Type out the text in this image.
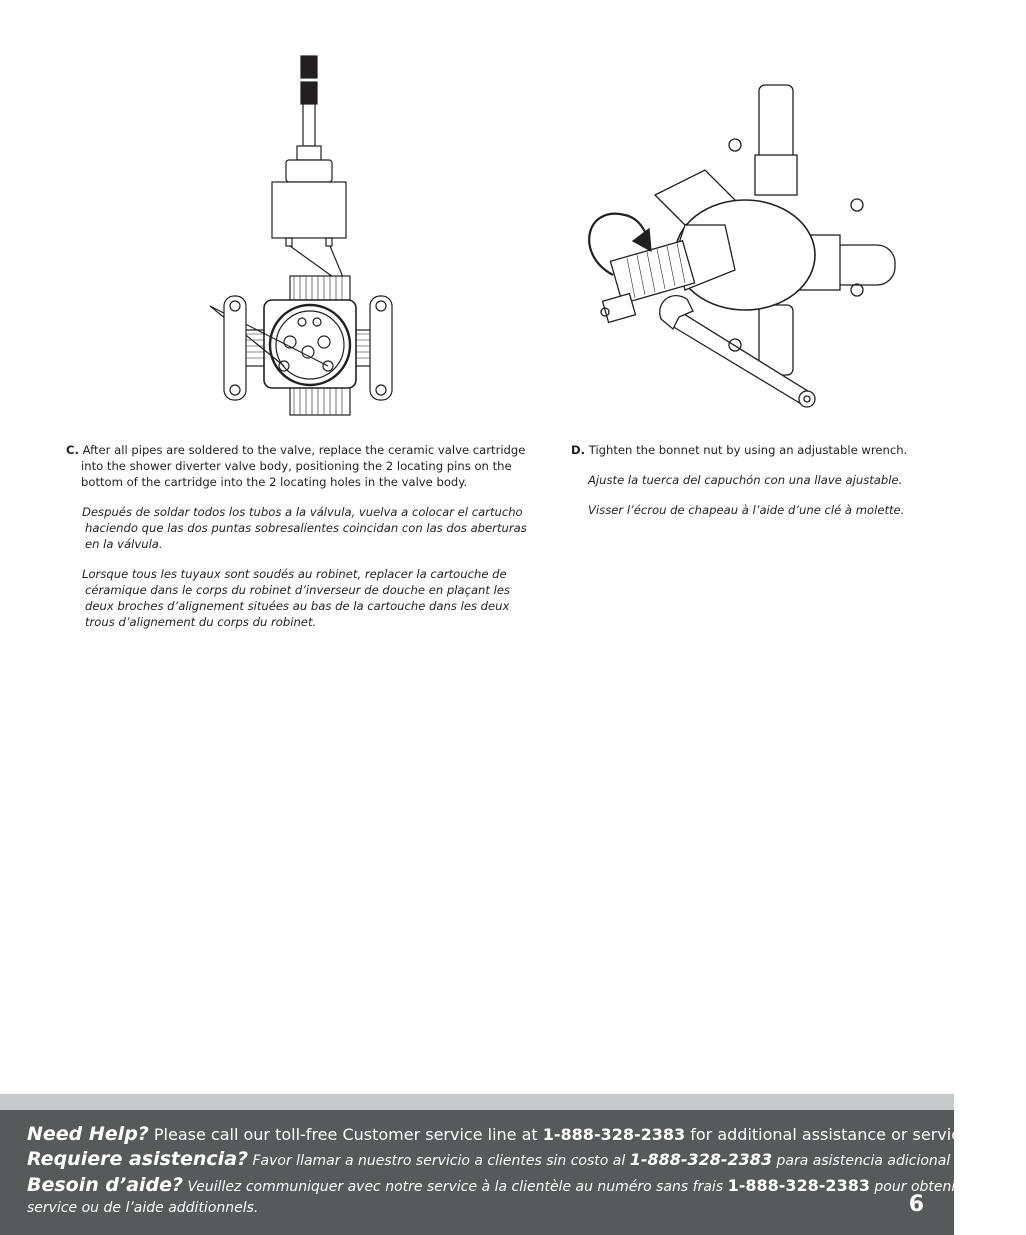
C. After all pipes are soldered to the valve, replace the ceramic valve cartridge into the shower diverter valve body, positioning the 2 locating pins on the bottom of the cartridge into the 2 locating holes in the valve body.

Después de soldar todos los tubos a la válvula, vuelva a colocar el cartucho haciendo que las dos puntas sobresalientes coincidan con las dos aberturas en la válvula.

Lorsque tous les tuyaux sont soudés au robinet, replacer la cartouche de céramique dans le corps du robinet d’inverseur de douche en plaçant les deux broches d’alignement situées au bas de la cartouche dans les deux trous d’alignement du corps du robinet.

D. Tighten the bonnet nut by using an adjustable wrench.

Ajuste la tuerca del capuchón con una llave ajustable.

Visser l’écrou de chapeau à l’aide d’une clé à molette.

Need Help? Please call our toll-free Customer service line at 1-888-328-2383 for additional assistance or service.
Requiere asistencia? Favor llamar a nuestro servicio a clientes sin costo al 1-888-328-2383 para asistencia adicional o servicio.
Besoin d’aide? Veuillez communiquer avec notre service à la clientèle au numéro sans frais 1-888-328-2383 pour obtenir du
service ou de l’aide additionnels.	6
